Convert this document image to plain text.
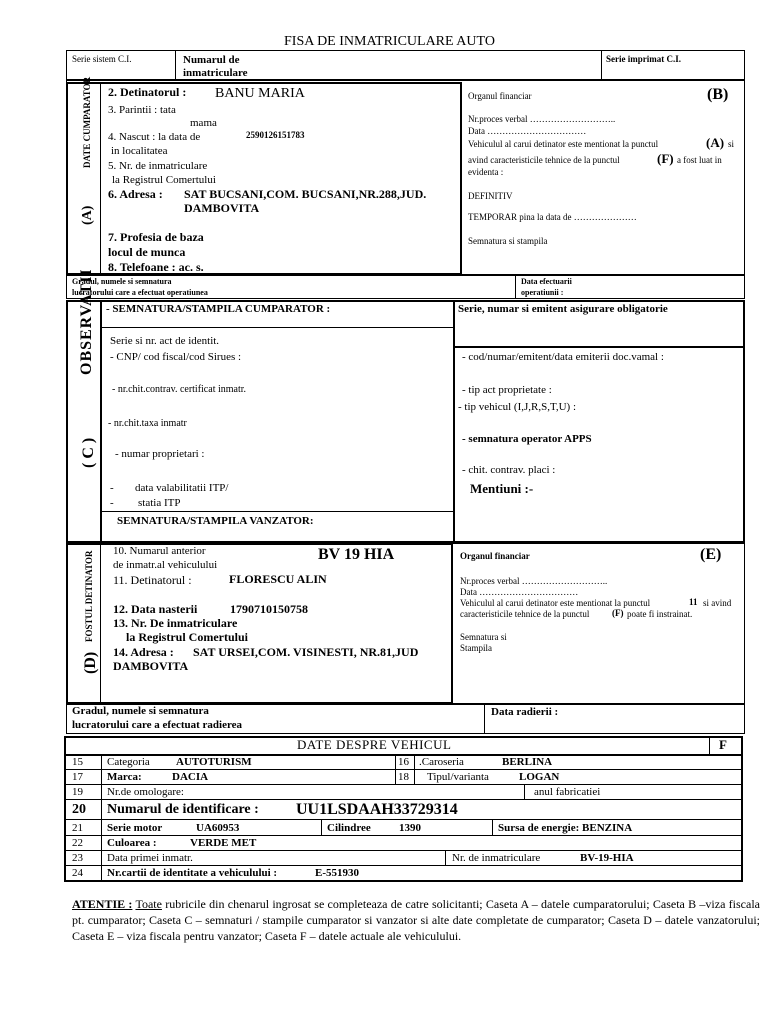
FISA DE INMATRICULARE AUTO
Serie sistem C.I.	Numarul de
inmatriculare
Serie imprimat C.I.
DATE CUMPARATOR
(A)
2. Detinatorul : BANU MARIA
3. Parintii : tata
mama
4. Nascut : la data de	2590126151783
in localitatea
5. Nr. de inmatriculare
la Registrul Comertului
6. Adresa : SAT BUCSANI,COM. BUCSANI,NR.288,JUD.
DAMBOVITA
7. Profesia de baza
locul de munca
8. Telefoane : ac. s.
(B)
Organul financiar
Nr.proces verbal ………………………..
Data ……………………………
Vehiculul al carui detinator este mentionat la punctul	(A) si
avind caracteristicile tehnice de la punctul	(F) a fost luat in
evidenta :
DEFINITIV
TEMPORAR pina la data de …………………
Semnatura si stampila
Gradul, numele si semnatura
lucratorului care a efectuat operatiunea
Data efectuarii
operatiunii :
OBSERVATII
( C )
- SEMNATURA/STAMPILA CUMPARATOR :
Serie si nr. act de identit.
- CNP/ cod fiscal/cod Sirues :
- nr.chit.contrav. certificat inmatr.
- nr.chit.taxa inmatr
- numar proprietari :
- data valabilitatii ITP/
- statia ITP
SEMNATURA/STAMPILA VANZATOR:
Serie, numar si emitent asigurare obligatorie
- cod/numar/emitent/data emiterii doc.vamal :
- tip act proprietate :
- tip vehicul (I,J,R,S,T,U) :
- semnatura operator APPS
- chit. contrav. placi :
Mentiuni :-
FOSTUL DETINATOR
(D)
10. Numarul anterior	BV 19 HIA
de inmatr.al vehiculului
11. Detinatorul :	FLORESCU ALIN
12. Data nasterii	1790710150758
13. Nr. De inmatriculare
la Registrul Comertului
14. Adresa : SAT URSEI,COM. VISINESTI, NR.81,JUD
DAMBOVITA
(E)
Organul financiar
Nr.proces verbal ………………………..
Data ……………………………
Vehiculul al carui detinator este mentionat la punctul	11 si avind
caracteristicile tehnice de la punctul	(F) poate fi instrainat.
Semnatura si
Stampila
Gradul, numele si semnatura
lucratorului care a efectuat radierea
Data radierii :
DATE DESPRE VEHICUL	F
15 Categoria AUTOTURISM	16 .Caroseria	BERLINA
17 Marca:	DACIA	18 Tipul/varianta	LOGAN
19 Nr.de omologare:	anul fabricatiei
20 Numarul de identificare : UU1LSDAAH33729314
21 Serie motor	UA60953	Cilindree	1390	Sursa de energie: BENZINA
22 Culoarea :	VERDE MET
23 Data primei inmatr.	Nr. de inmatriculare	BV-19-HIA
24 Nr.cartii de identitate a vehiculului :	E-551930
ATENTIE : Toate rubricile din chenarul ingrosat se completeaza de catre solicitanti; Caseta A – datele cumparatorului; Caseta B –viza fiscala pt. cumparator; Caseta C – semnaturi / stampile cumparator si vanzator si alte date completate de cumparator; Caseta D – datele vanzatorului; Caseta E – viza fiscala pentru vanzator; Caseta F – datele actuale ale vehiculului.
